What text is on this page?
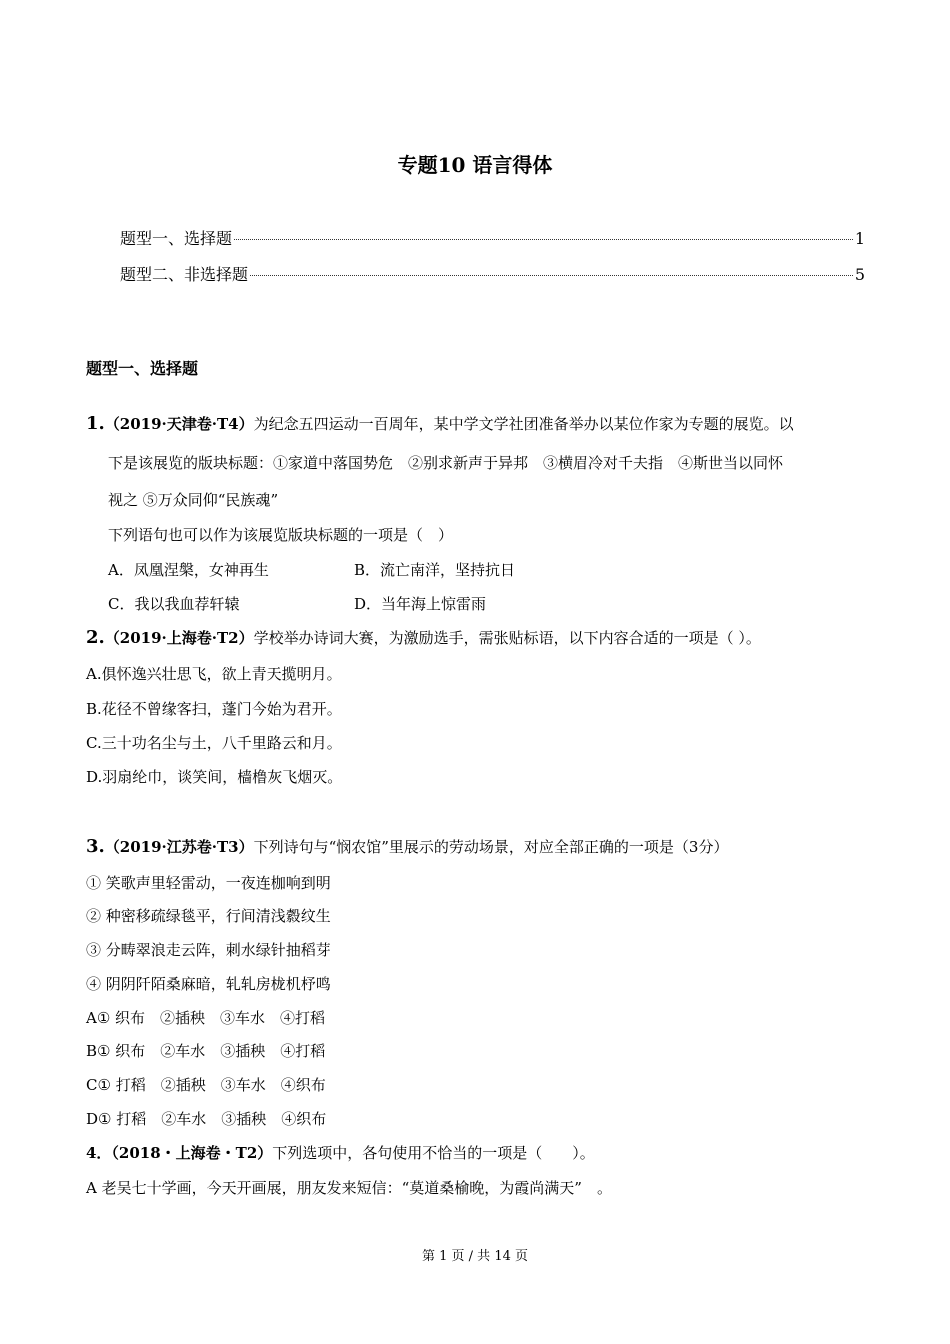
专题10 语言得体
题型一、选择题	1
题型二、非选择题	5
题型一、选择题
1.（2019·天津卷·T4）为纪念五四运动一百周年，某中学文学社团准备举办以某位作家为专题的展览。以
下是该展览的版块标题：①家道中落国势危　②别求新声于异邦　③横眉冷对千夫指　④斯世当以同怀
视之 ⑤万众同仰“民族魂”
下列语句也可以作为该展览版块标题的一项是（　）
A．凤凰涅槃，女神再生	B．流亡南洋，坚持抗日
C．我以我血荐轩辕	D．当年海上惊雷雨
2.（2019·上海卷·T2）学校举办诗词大赛，为激励选手，需张贴标语，以下内容合适的一项是（ ）。
A.俱怀逸兴壮思飞，欲上青天揽明月。
B.花径不曾缘客扫，蓬门今始为君开。
C.三十功名尘与土，八千里路云和月。
D.羽扇纶巾，谈笑间，樯橹灰飞烟灭。
3.（2019·江苏卷·T3）下列诗句与“悯农馆”里展示的劳动场景，对应全部正确的一项是（3分）
① 笑歌声里轻雷动，一夜连枷响到明
② 种密移疏绿毯平，行间清浅縠纹生
③ 分畴翠浪走云阵，刺水绿针抽稻芽
④ 阴阴阡陌桑麻暗，轧轧房栊机杼鸣
A① 织布　②插秧　③车水　④打稻
B① 织布　②车水　③插秧　④打稻
C① 打稻　②插秧　③车水　④织布
D① 打稻　②车水　③插秧　④织布
4．（2018・上海卷・T2）下列选项中，各句使用不恰当的一项是（　　）。
A 老吴七十学画，今天开画展，朋友发来短信：“莫道桑榆晚，为霞尚满天”　。
第 1 页 / 共 14 页
